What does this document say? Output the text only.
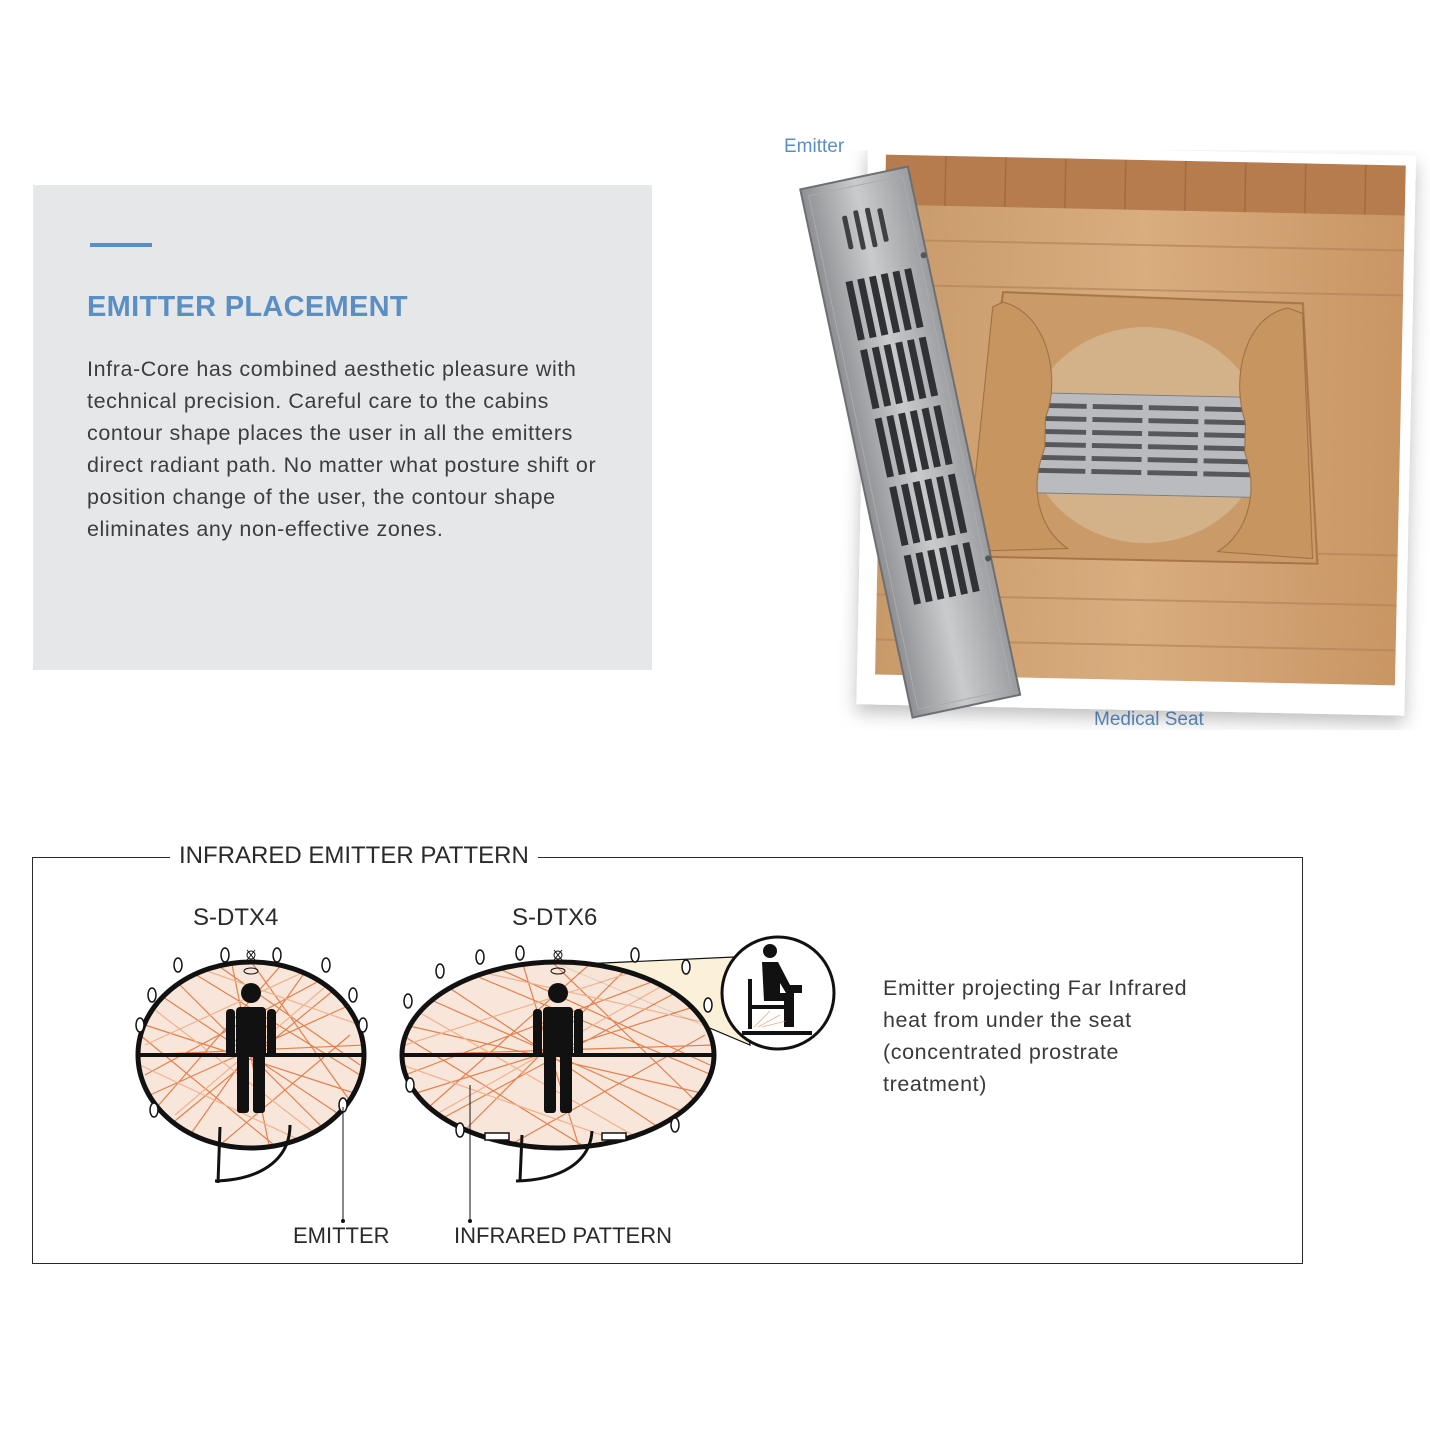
EMITTER PLACEMENT

Infra-Core has combined aesthetic pleasure with technical precision. Careful care to the cabins contour shape places the user in all the emitters direct radiant path. No matter what posture shift or position change of the user, the contour shape eliminates any non-effective zones.

Emitter
Medical Seat
INFRARED EMITTER PATTERN
S-DTX4	S-DTX6
EMITTER	INFRARED PATTERN

Emitter projecting Far Infrared heat from under the seat (concentrated prostrate treatment)
